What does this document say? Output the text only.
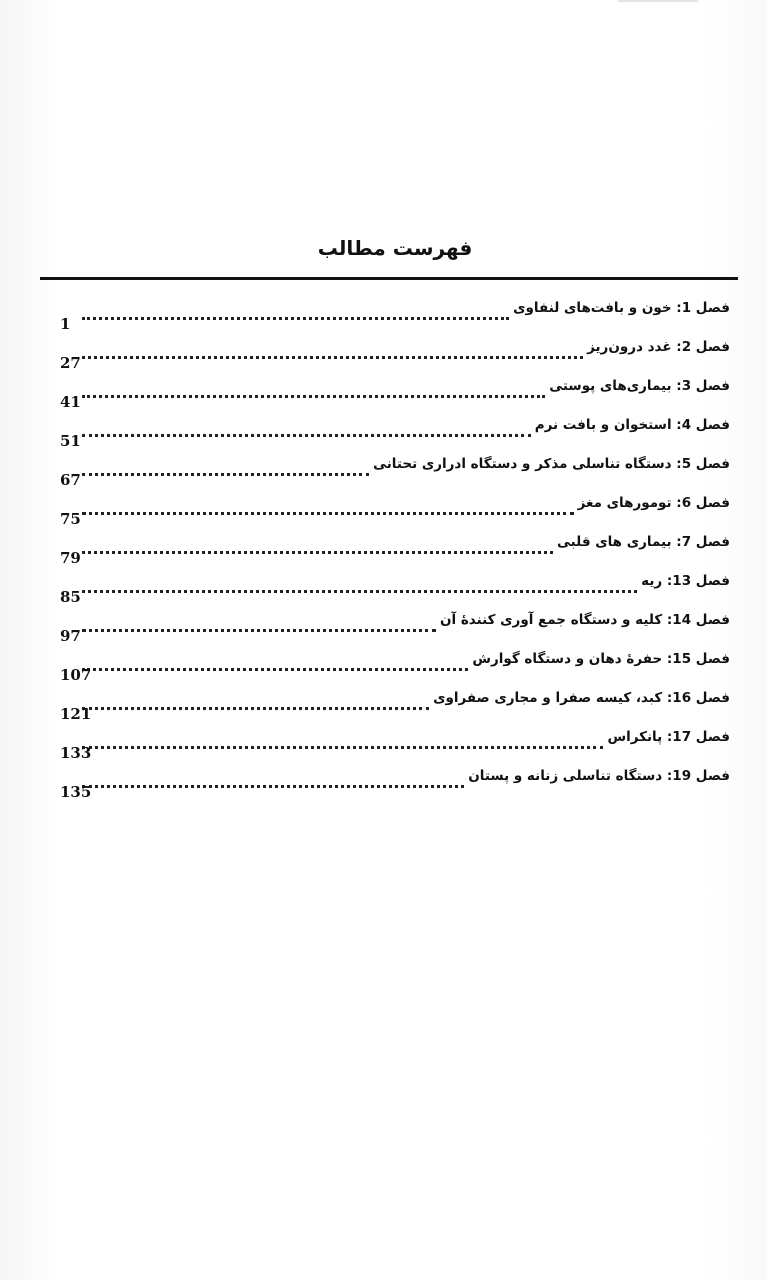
فهرست مطالب
فصل 1: خون و بافت‌های لنفاوی
1
فصل 2: غدد درون‌ریز
27
فصل 3: بیماری‌های پوستی
41
فصل 4: استخوان و بافت نرم
51
فصل 5: دستگاه تناسلی مذکر و دستگاه ادراری تحتانی
67
فصل 6: تومورهای مغز
75
فصل 7: بیماری های قلبی
79
فصل 13: ریه
85
فصل 14: کلیه و دستگاه جمع آوری کنندهٔ آن
97
فصل 15: حفرهٔ دهان و دستگاه گوارش
107
فصل 16: کبد، کیسه صفرا و مجاری صفراوی
121
فصل 17: پانکراس
133
فصل 19: دستگاه تناسلی زنانه و پستان
135
